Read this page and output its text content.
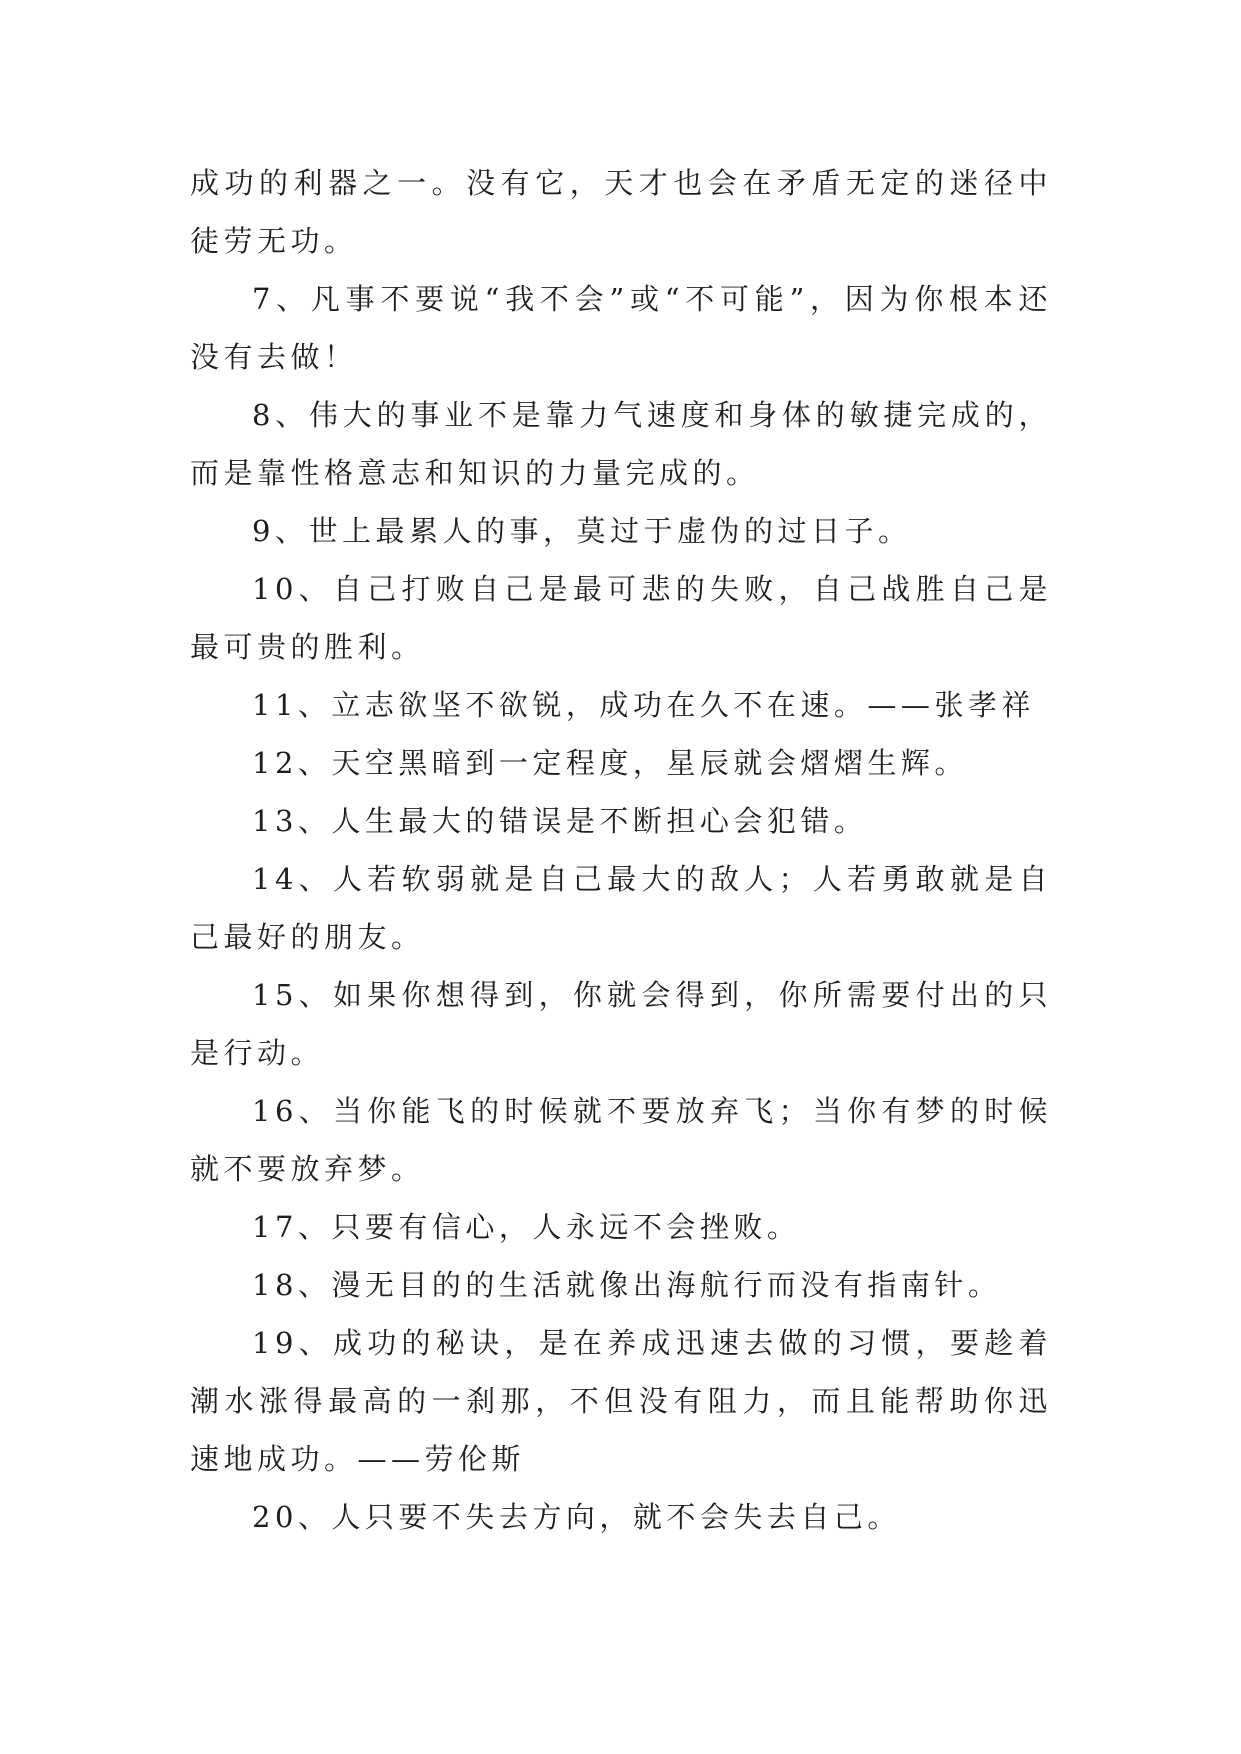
成功的利器之一。没有它，天才也会在矛盾无定的迷径中徒劳无功。

7、凡事不要说“我不会”或“不可能”，因为你根本还没有去做！

8、伟大的事业不是靠力气速度和身体的敏捷完成的，而是靠性格意志和知识的力量完成的。

9、世上最累人的事，莫过于虚伪的过日子。

10、自己打败自己是最可悲的失败，自己战胜自己是最可贵的胜利。

11、立志欲坚不欲锐，成功在久不在速。——张孝祥

12、天空黑暗到一定程度，星辰就会熠熠生辉。

13、人生最大的错误是不断担心会犯错。

14、人若软弱就是自己最大的敌人；人若勇敢就是自己最好的朋友。

15、如果你想得到，你就会得到，你所需要付出的只是行动。

16、当你能飞的时候就不要放弃飞；当你有梦的时候就不要放弃梦。

17、只要有信心，人永远不会挫败。

18、漫无目的的生活就像出海航行而没有指南针。

19、成功的秘诀，是在养成迅速去做的习惯，要趁着潮水涨得最高的一刹那，不但没有阻力，而且能帮助你迅速地成功。——劳伦斯

20、人只要不失去方向，就不会失去自己。
